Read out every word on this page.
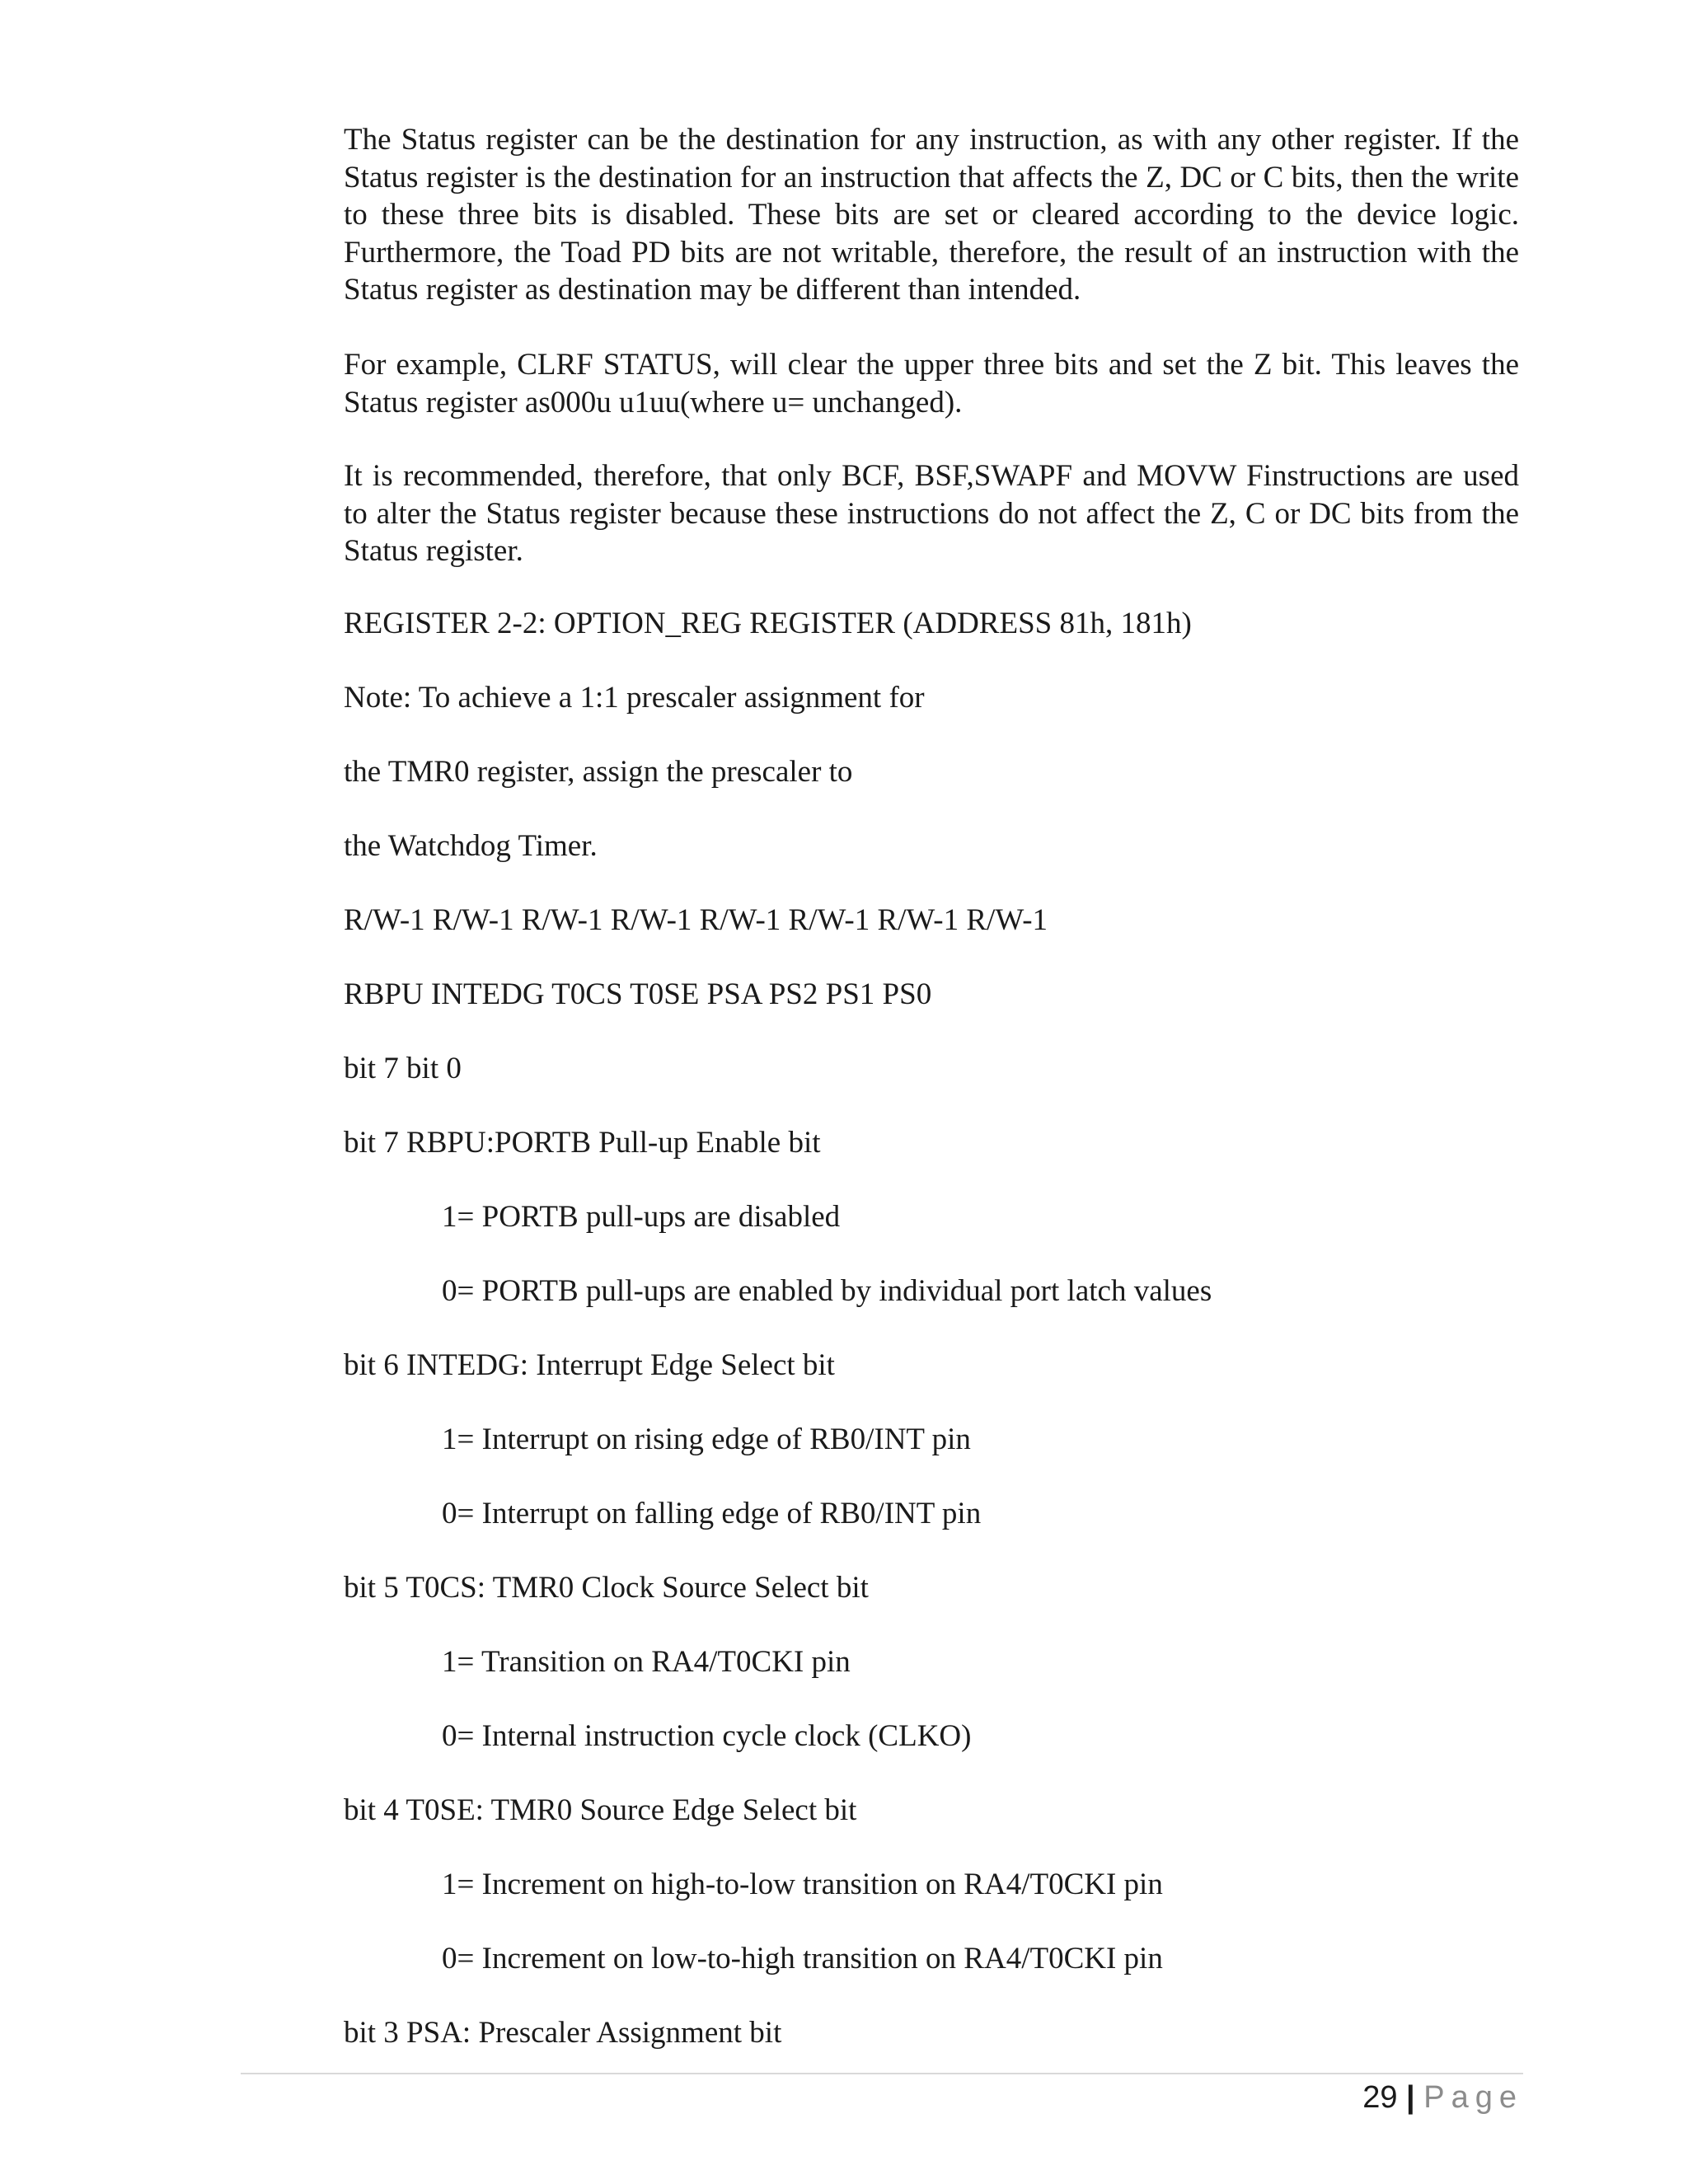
The Status register can be the destination for any instruction, as with any other register. If the Status register is the destination for an instruction that affects the Z, DC or C bits, then the write to these three bits is disabled. These bits are set or cleared according to the device logic. Furthermore, the Toad PD bits are not writable, therefore, the result of an instruction with the Status register as destination may be different than intended.

For example, CLRF STATUS, will clear the upper three bits and set the Z bit. This leaves the Status register as000u u1uu(where u= unchanged).

It is recommended, therefore, that only BCF, BSF,SWAPF and MOVW Finstructions are used to alter the Status register because these instructions do not affect the Z, C or DC bits from the Status register.

REGISTER 2-2: OPTION_REG REGISTER (ADDRESS 81h, 181h)

Note: To achieve a 1:1 prescaler assignment for

the TMR0 register, assign the prescaler to

the Watchdog Timer.

R/W-1 R/W-1 R/W-1 R/W-1 R/W-1 R/W-1 R/W-1 R/W-1

RBPU INTEDG T0CS T0SE PSA PS2 PS1 PS0

bit 7 bit 0

bit 7 RBPU:PORTB Pull-up Enable bit

1= PORTB pull-ups are disabled

0= PORTB pull-ups are enabled by individual port latch values

bit 6 INTEDG: Interrupt Edge Select bit

1= Interrupt on rising edge of RB0/INT pin

0= Interrupt on falling edge of RB0/INT pin

bit 5 T0CS: TMR0 Clock Source Select bit

1= Transition on RA4/T0CKI pin

0= Internal instruction cycle clock (CLKO)

bit 4 T0SE: TMR0 Source Edge Select bit

1= Increment on high-to-low transition on RA4/T0CKI pin

0= Increment on low-to-high transition on RA4/T0CKI pin

bit 3 PSA: Prescaler Assignment bit

29 | Page
